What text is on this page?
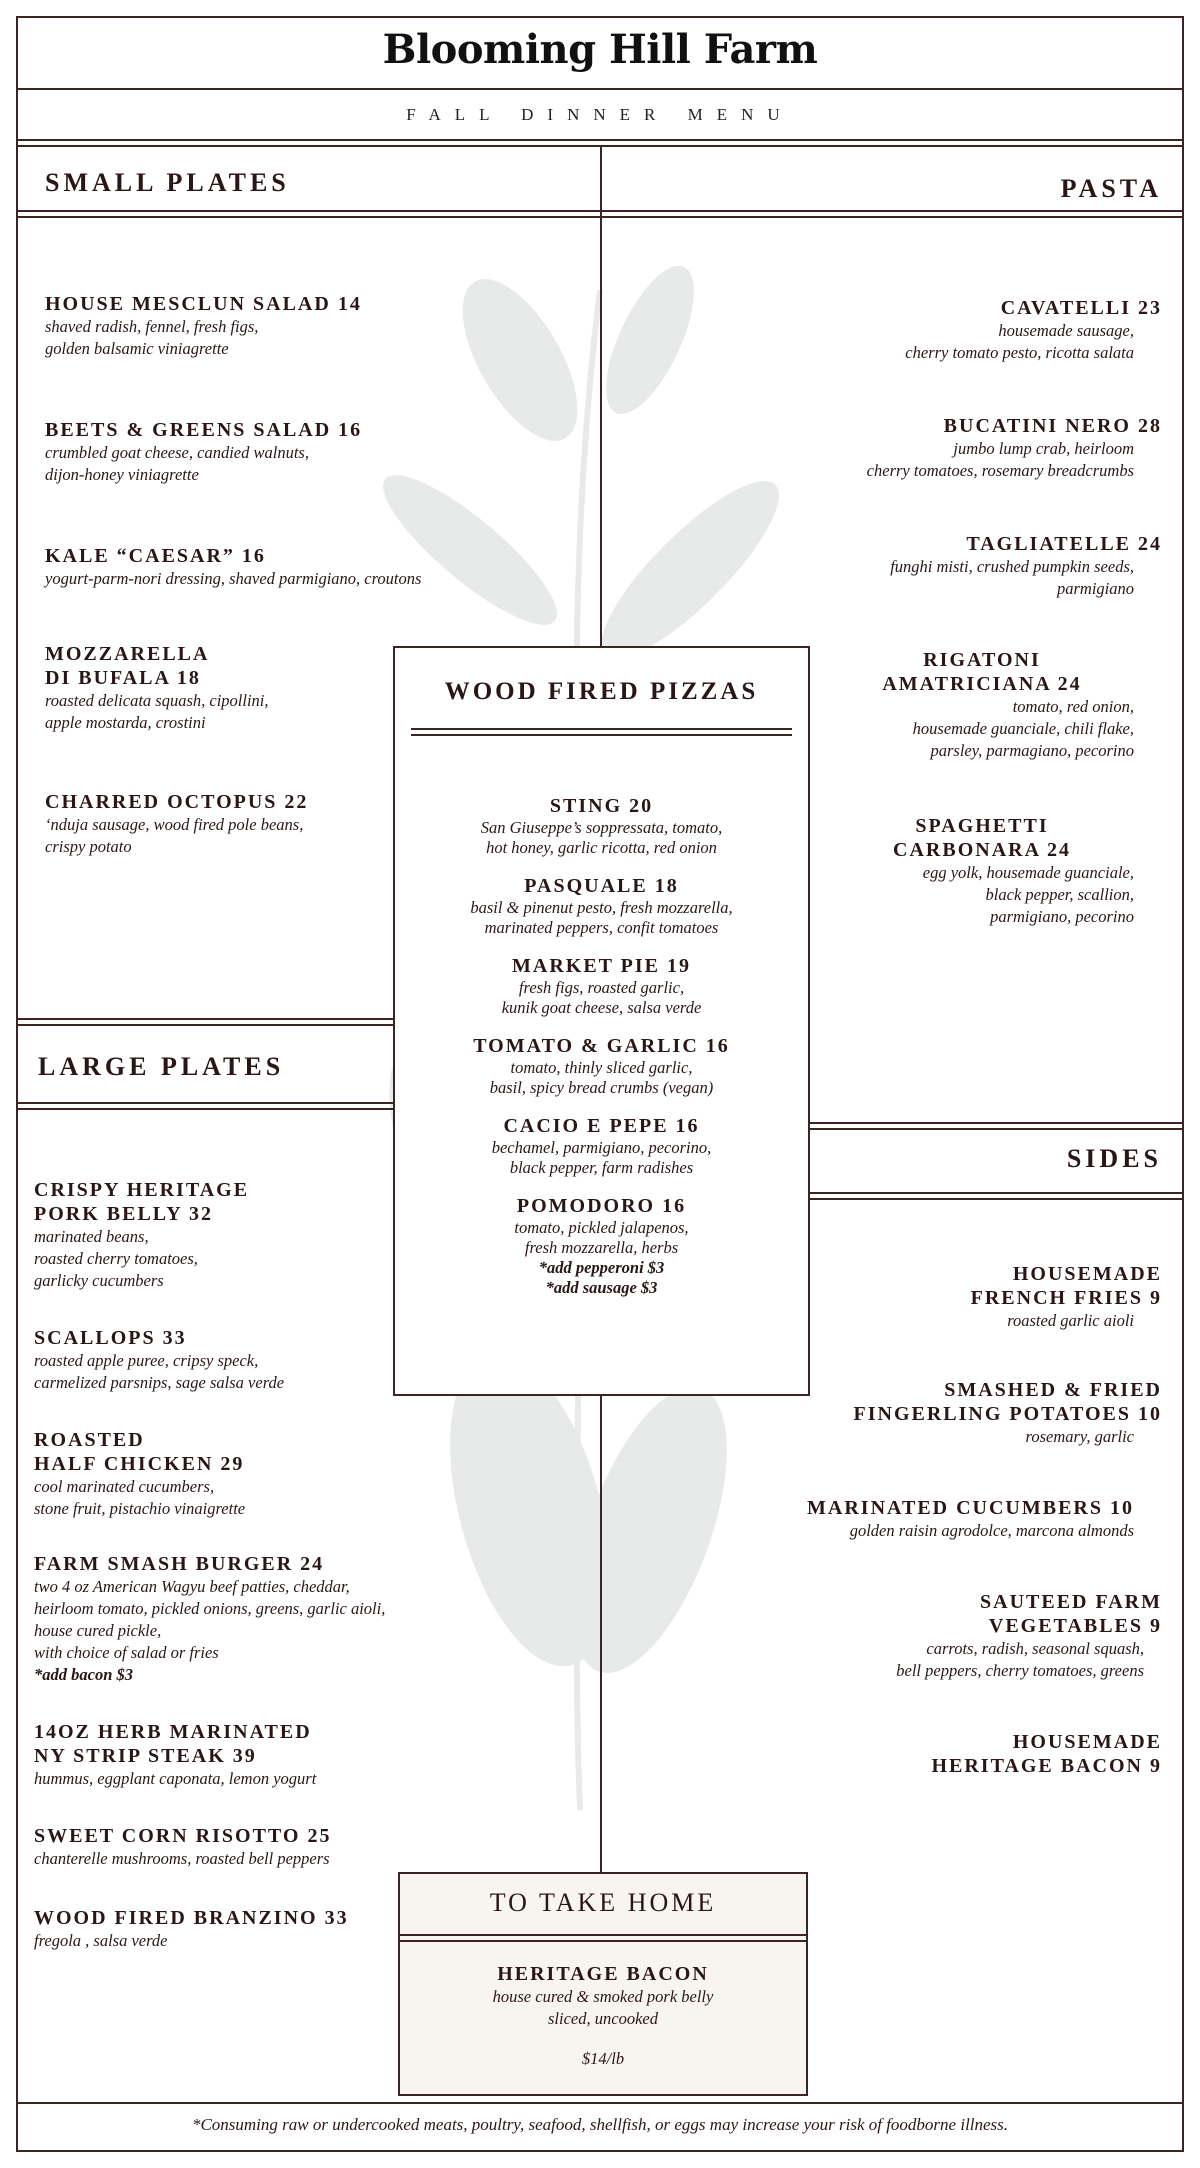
Blooming Hill Farm
FALL DINNER MENU
SMALL PLATES	PASTA
HOUSE MESCLUN SALAD 14
shaved radish, fennel, fresh figs,
golden balsamic viniagrette
BEETS & GREENS SALAD 16
crumbled goat cheese, candied walnuts,
dijon-honey viniagrette
KALE “CAESAR” 16
yogurt-parm-nori dressing, shaved parmigiano, croutons
MOZZARELLA
DI BUFALA 18
roasted delicata squash, cipollini,
apple mostarda, crostini
CHARRED OCTOPUS 22
‘nduja sausage, wood fired pole beans,
crispy potato
CAVATELLI 23
housemade sausage,
cherry tomato pesto, ricotta salata
BUCATINI NERO 28
jumbo lump crab, heirloom
cherry tomatoes, rosemary breadcrumbs
TAGLIATELLE 24
funghi misti, crushed pumpkin seeds,
parmigiano
RIGATONI
AMATRICIANA 24
tomato, red onion,
housemade guanciale, chili flake,
parsley, parmagiano, pecorino
SPAGHETTI
CARBONARA 24
egg yolk, housemade guanciale,
black pepper, scallion,
parmigiano, pecorino
LARGE PLATES
CRISPY HERITAGE
PORK BELLY 32
marinated beans,
roasted cherry tomatoes,
garlicky cucumbers
SCALLOPS 33
roasted apple puree, cripsy speck,
carmelized parsnips, sage salsa verde
ROASTED
HALF CHICKEN 29
cool marinated cucumbers,
stone fruit, pistachio vinaigrette
FARM SMASH BURGER 24
two 4 oz American Wagyu beef patties, cheddar,
heirloom tomato, pickled onions, greens, garlic aioli,
house cured pickle,
with choice of salad or fries
*add bacon $3
14OZ HERB MARINATED
NY STRIP STEAK 39
hummus, eggplant caponata, lemon yogurt
SWEET CORN RISOTTO 25
chanterelle mushrooms, roasted bell peppers
WOOD FIRED BRANZINO 33
fregola , salsa verde
SIDES
HOUSEMADE
FRENCH FRIES 9
roasted garlic aioli
SMASHED & FRIED
FINGERLING POTATOES 10
rosemary, garlic
MARINATED CUCUMBERS 10
golden raisin agrodolce, marcona almonds
SAUTEED FARM
VEGETABLES 9
carrots, radish, seasonal squash,
bell peppers, cherry tomatoes, greens
HOUSEMADE
HERITAGE BACON 9
WOOD FIRED PIZZAS
STING 20
San Giuseppe’s soppressata, tomato,
hot honey, garlic ricotta, red onion
PASQUALE 18
basil & pinenut pesto, fresh mozzarella,
marinated peppers, confit tomatoes
MARKET PIE 19
fresh figs, roasted garlic,
kunik goat cheese, salsa verde
TOMATO & GARLIC 16
tomato, thinly sliced garlic,
basil, spicy bread crumbs (vegan)
CACIO E PEPE 16
bechamel, parmigiano, pecorino,
black pepper, farm radishes
POMODORO 16
tomato, pickled jalapenos,
fresh mozzarella, herbs
*add pepperoni $3
*add sausage $3
TO TAKE HOME
HERITAGE BACON
house cured & smoked pork belly
sliced, uncooked
$14/lb
*Consuming raw or undercooked meats, poultry, seafood, shellfish, or eggs may increase your risk of foodborne illness.
